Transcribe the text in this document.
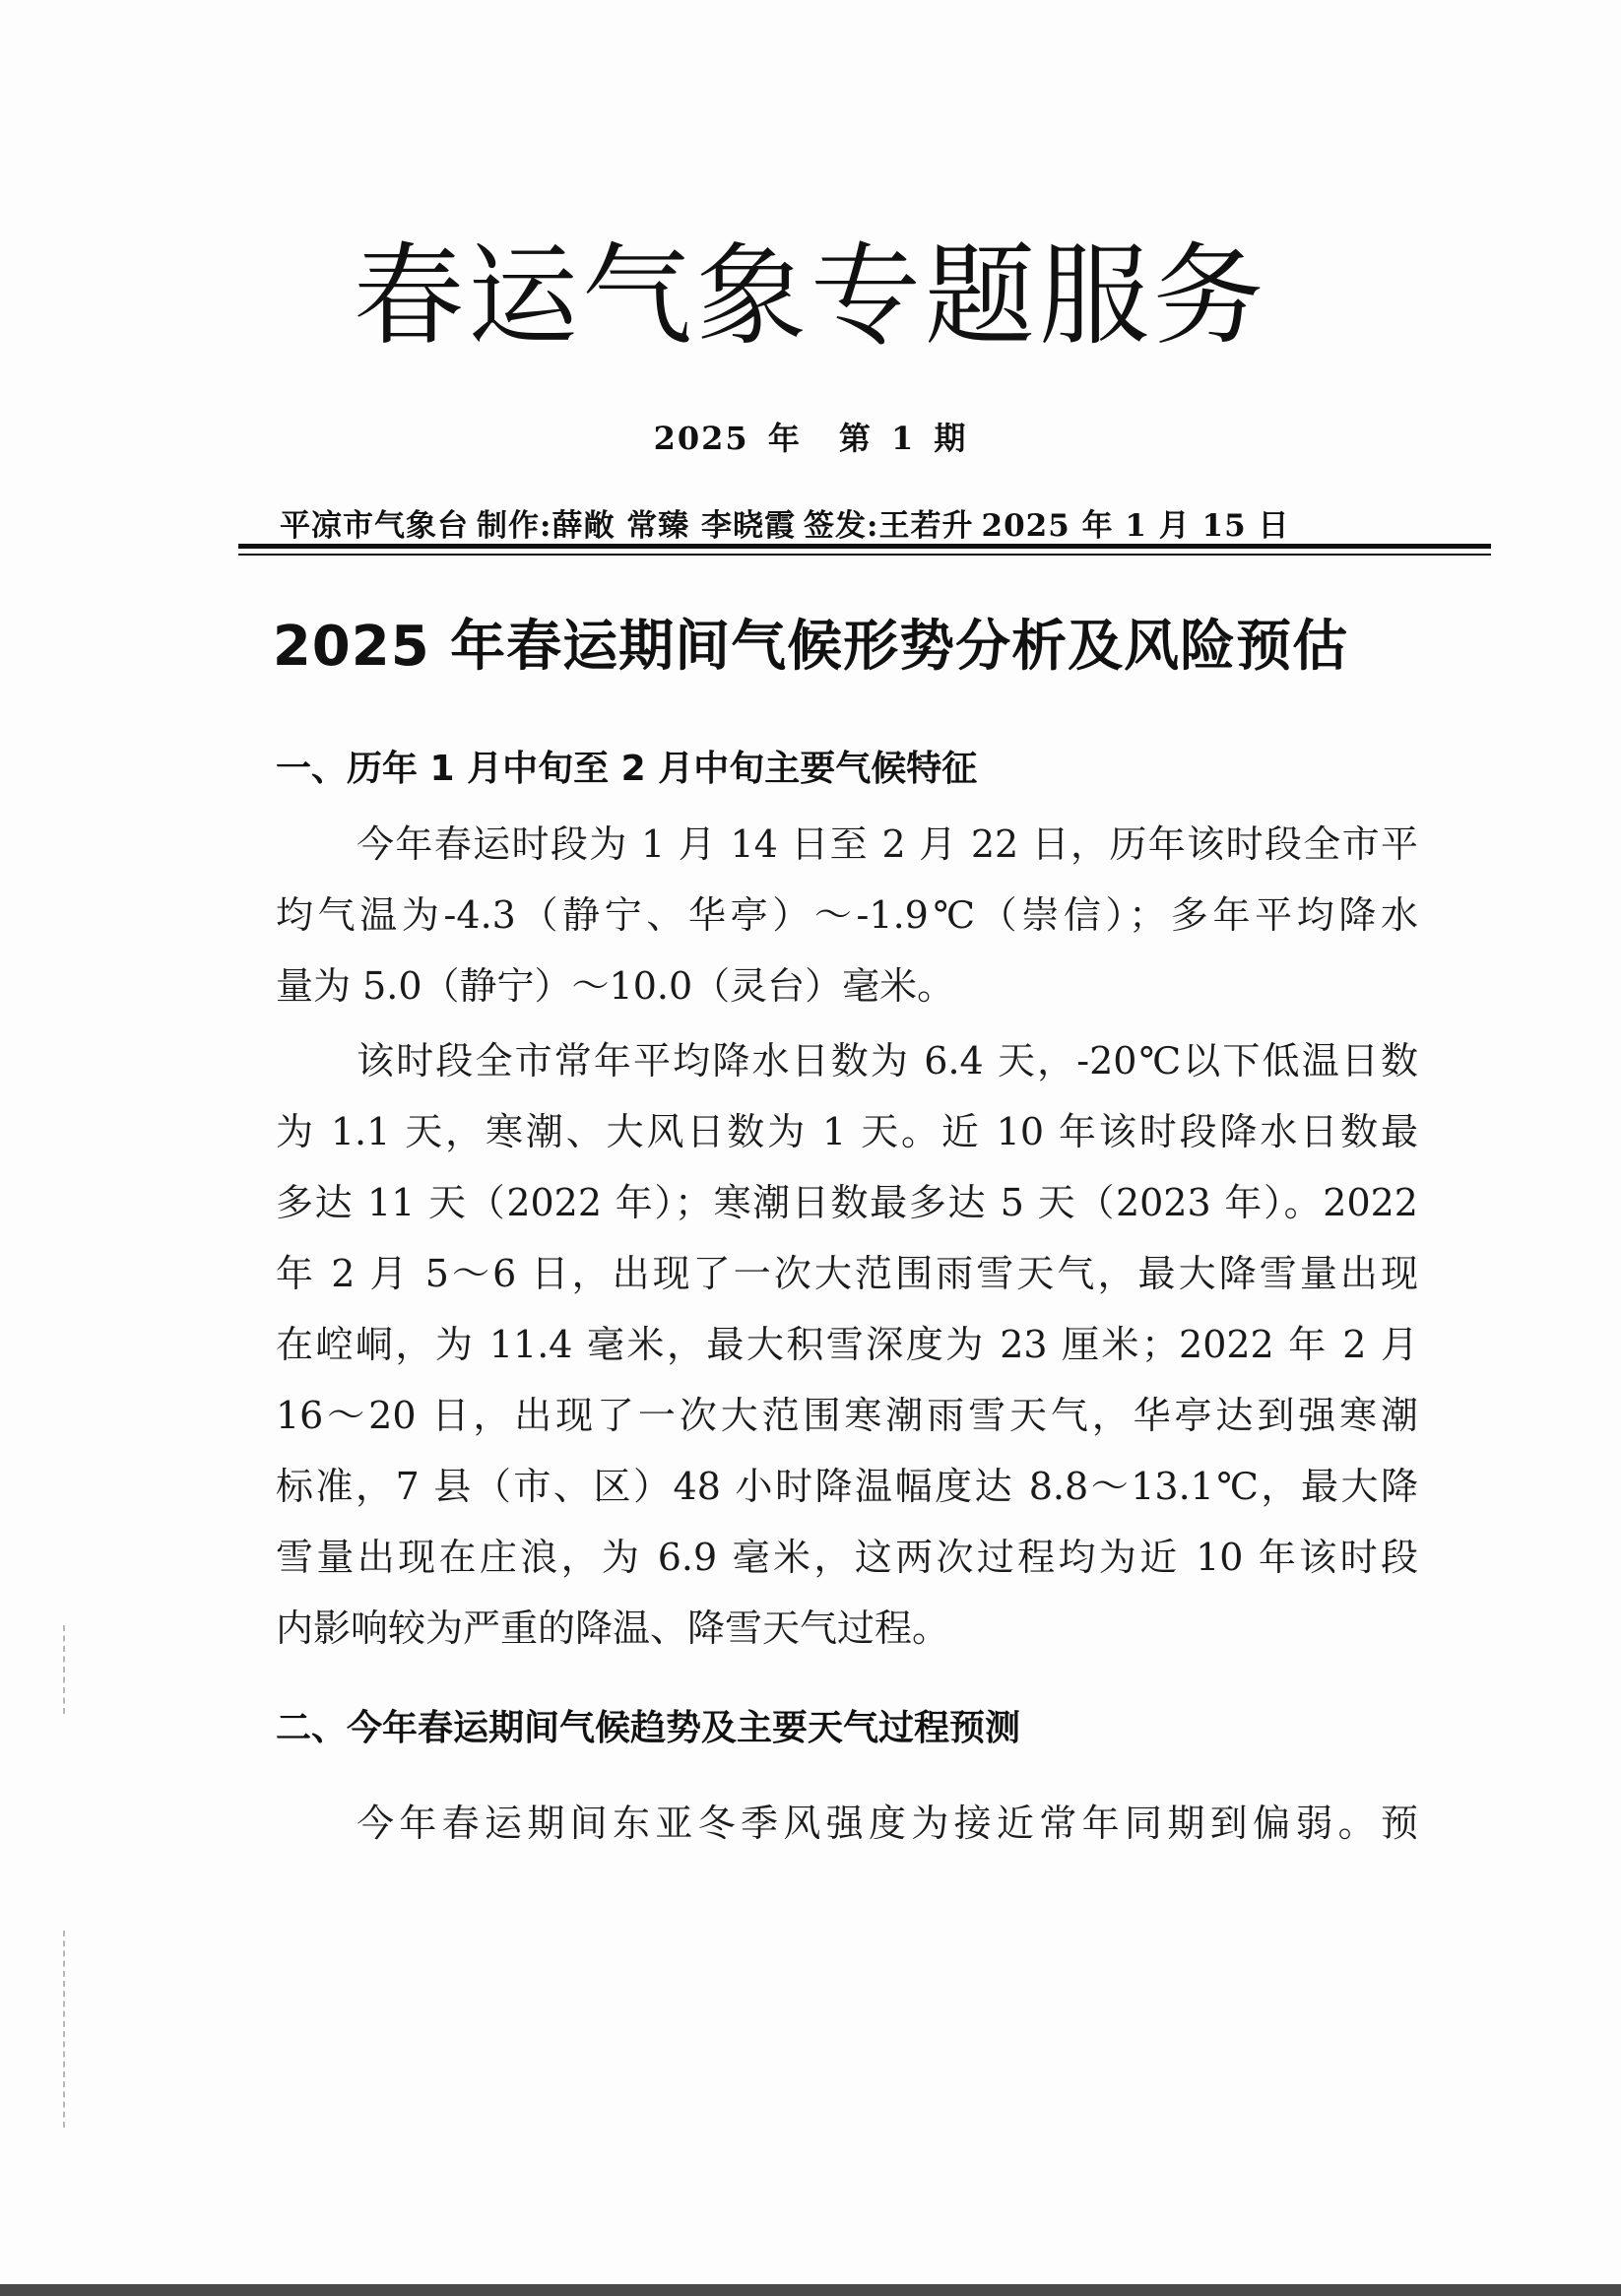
春运气象专题服务
2025 年 第 1 期
平凉市气象台 制作:薛敞 常臻 李晓霞 签发:王若升 2025 年 1 月 15 日
2025 年春运期间气候形势分析及风险预估
一、历年 1 月中旬至 2 月中旬主要气候特征
今年春运时段为 1 月 14 日至 2 月 22 日，历年该时段全市平
均气温为-4.3（静宁、华亭）～-1.9℃（崇信）；多年平均降水
量为 5.0（静宁）～10.0（灵台）毫米。
该时段全市常年平均降水日数为 6.4 天，-20℃以下低温日数
为 1.1 天，寒潮、大风日数为 1 天。近 10 年该时段降水日数最
多达 11 天（2022 年）；寒潮日数最多达 5 天（2023 年）。2022
年 2 月 5～6 日，出现了一次大范围雨雪天气，最大降雪量出现
在崆峒，为 11.4 毫米，最大积雪深度为 23 厘米；2022 年 2 月
16～20 日，出现了一次大范围寒潮雨雪天气，华亭达到强寒潮
标准，7 县（市、区）48 小时降温幅度达 8.8～13.1℃，最大降
雪量出现在庄浪，为 6.9 毫米，这两次过程均为近 10 年该时段
内影响较为严重的降温、降雪天气过程。
二、今年春运期间气候趋势及主要天气过程预测
今年春运期间东亚冬季风强度为接近常年同期到偏弱。预
